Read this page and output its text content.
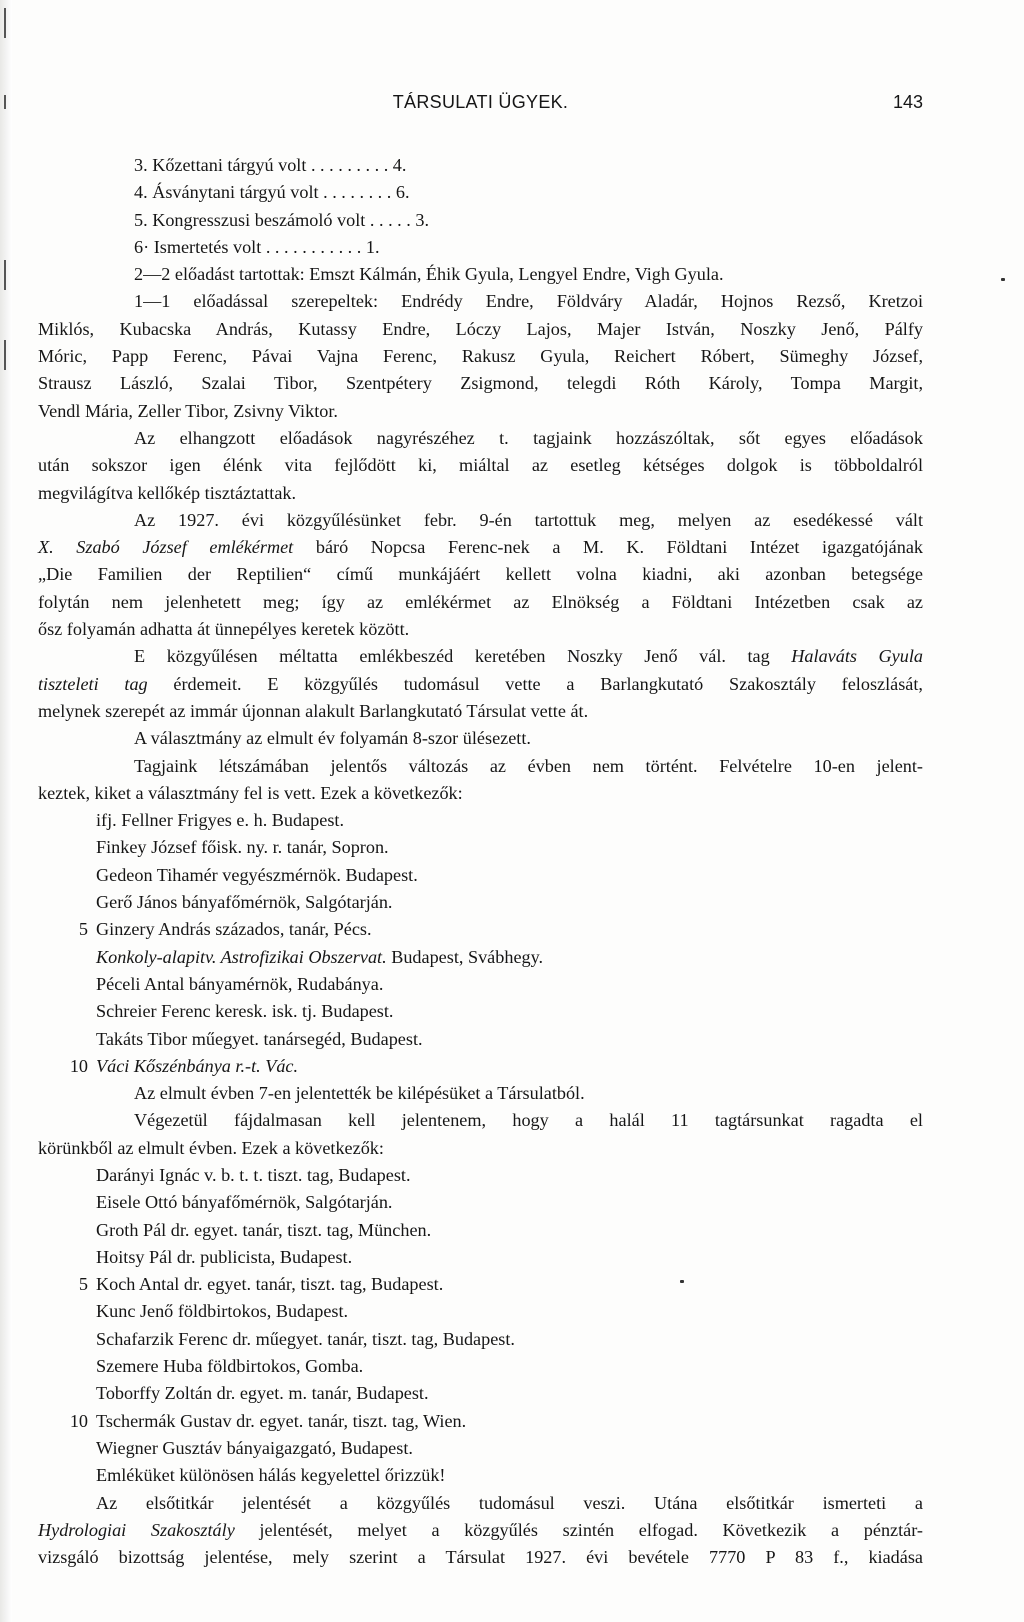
TÁRSULATI ÜGYEK.	143
3. Kőzettani tárgyú volt . . . . . . . . . 4.
4. Ásványtani tárgyú volt . . . . . . . . 6.
5. Kongresszusi beszámoló volt . . . . . 3.
6· Ismertetés volt . . . . . . . . . . . 1.
2—2 előadást tartottak: Emszt Kálmán, Éhik Gyula, Lengyel Endre, Vigh Gyula.
1—1 előadással szerepeltek: Endrédy Endre, Földváry Aladár, Hojnos Rezső, Kretzoi
Miklós, Kubacska András, Kutassy Endre, Lóczy Lajos, Majer István, Noszky Jenő, Pálfy
Móric, Papp Ferenc, Pávai Vajna Ferenc, Rakusz Gyula, Reichert Róbert, Sümeghy József,
Strausz László, Szalai Tibor, Szentpétery Zsigmond, telegdi Róth Károly, Tompa Margit,
Vendl Mária, Zeller Tibor, Zsivny Viktor.
Az elhangzott előadások nagyrészéhez t. tagjaink hozzászóltak, sőt egyes előadások
után sokszor igen élénk vita fejlődött ki, miáltal az esetleg kétséges dolgok is többoldalról
megvilágítva kellőkép tisztáztattak.
Az 1927. évi közgyűlésünket febr. 9-én tartottuk meg, melyen az esedékessé vált
X. Szabó József emlékérmet báró Nopcsa Ferenc-nek a M. K. Földtani Intézet igazgatójának
„Die Familien der Reptilien“ című munkájáért kellett volna kiadni, aki azonban betegsége
folytán nem jelenhetett meg; így az emlékérmet az Elnökség a Földtani Intézetben csak az
ősz folyamán adhatta át ünnepélyes keretek között.
E közgyűlésen méltatta emlékbeszéd keretében Noszky Jenő vál. tag Halaváts Gyula
tiszteleti tag érdemeit. E közgyűlés tudomásul vette a Barlangkutató Szakosztály feloszlását,
melynek szerepét az immár újonnan alakult Barlangkutató Társulat vette át.
A választmány az elmult év folyamán 8-szor ülésezett.
Tagjaink létszámában jelentős változás az évben nem történt. Felvételre 10-en jelent-
keztek, kiket a választmány fel is vett. Ezek a következők:
ifj. Fellner Frigyes e. h. Budapest.
Finkey József főisk. ny. r. tanár, Sopron.
Gedeon Tihamér vegyészmérnök. Budapest.
Gerő János bányafőmérnök, Salgótarján.
5 Ginzery András százados, tanár, Pécs.
Konkoly-alapitv. Astrofizikai Obszervat. Budapest, Svábhegy.
Péceli Antal bányamérnök, Rudabánya.
Schreier Ferenc keresk. isk. tj. Budapest.
Takáts Tibor műegyet. tanársegéd, Budapest.
10 Váci Kőszénbánya r.-t. Vác.
Az elmult évben 7-en jelentették be kilépésüket a Társulatból.
Végezetül fájdalmasan kell jelentenem, hogy a halál 11 tagtársunkat ragadta el
körünkből az elmult évben. Ezek a következők:
Darányi Ignác v. b. t. t. tiszt. tag, Budapest.
Eisele Ottó bányafőmérnök, Salgótarján.
Groth Pál dr. egyet. tanár, tiszt. tag, München.
Hoitsy Pál dr. publicista, Budapest.
5 Koch Antal dr. egyet. tanár, tiszt. tag, Budapest.
Kunc Jenő földbirtokos, Budapest.
Schafarzik Ferenc dr. műegyet. tanár, tiszt. tag, Budapest.
Szemere Huba földbirtokos, Gomba.
Toborffy Zoltán dr. egyet. m. tanár, Budapest.
10 Tschermák Gustav dr. egyet. tanár, tiszt. tag, Wien.
Wiegner Gusztáv bányaigazgató, Budapest.
Emléküket különösen hálás kegyelettel őrizzük!
Az elsőtitkár jelentését a közgyűlés tudomásul veszi. Utána elsőtitkár ismerteti a
Hydrologiai Szakosztály jelentését, melyet a közgyűlés szintén elfogad. Következik a pénztár-
vizsgáló bizottság jelentése, mely szerint a Társulat 1927. évi bevétele 7770 P 83 f., kiadása
